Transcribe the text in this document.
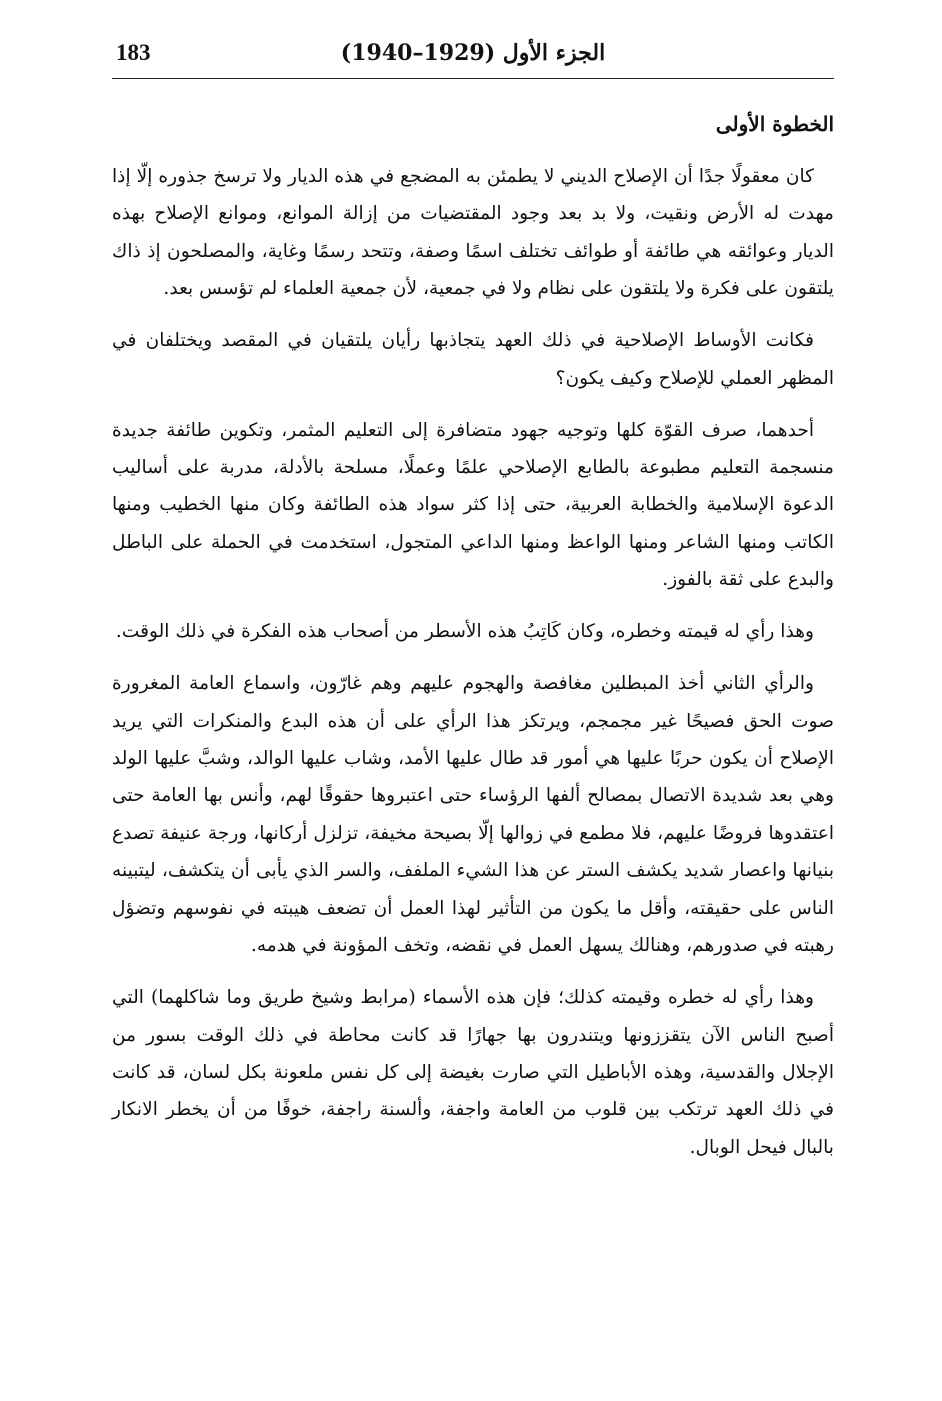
183	الجزء الأول (1929–1940)
الخطوة الأولى

كان معقولًا جدًا أن الإصلاح الديني لا يطمئن به المضجع في هذه الديار ولا ترسخ جذوره إلّا إذا مهدت له الأرض ونقيت، ولا بد بعد وجود المقتضيات من إزالة الموانع، وموانع الإصلاح بهذه الديار وعوائقه هي طائفة أو طوائف تختلف اسمًا وصفة، وتتحد رسمًا وغاية، والمصلحون إذ ذاك يلتقون على فكرة ولا يلتقون على نظام ولا في جمعية، لأن جمعية العلماء لم تؤسس بعد.

فكانت الأوساط الإصلاحية في ذلك العهد يتجاذبها رأيان يلتقيان في المقصد ويختلفان في المظهر العملي للإصلاح وكيف يكون؟

أحدهما، صرف القوّة كلها وتوجيه جهود متضافرة إلى التعليم المثمر، وتكوين طائفة جديدة منسجمة التعليم مطبوعة بالطابع الإصلاحي علمًا وعملًا، مسلحة بالأدلة، مدربة على أساليب الدعوة الإسلامية والخطابة العربية، حتى إذا كثر سواد هذه الطائفة وكان منها الخطيب ومنها الكاتب ومنها الشاعر ومنها الواعظ ومنها الداعي المتجول، استخدمت في الحملة على الباطل والبدع على ثقة بالفوز.

وهذا رأي له قيمته وخطره، وكان كَاتِبُ هذه الأسطر من أصحاب هذه الفكرة في ذلك الوقت.

والرأي الثاني أخذ المبطلين مغافصة والهجوم عليهم وهم غارّون، واسماع العامة المغرورة صوت الحق فصيحًا غير مجمجم، ويرتكز هذا الرأي على أن هذه البدع والمنكرات التي يريد الإصلاح أن يكون حربًا عليها هي أمور قد طال عليها الأمد، وشاب عليها الوالد، وشبَّ عليها الولد وهي بعد شديدة الاتصال بمصالح ألفها الرؤساء حتى اعتبروها حقوقًا لهم، وأنس بها العامة حتى اعتقدوها فروضًا عليهم، فلا مطمع في زوالها إلّا بصيحة مخيفة، تزلزل أركانها، ورجة عنيفة تصدع بنيانها واعصار شديد يكشف الستر عن هذا الشيء الملفف، والسر الذي يأبى أن يتكشف، ليتبينه الناس على حقيقته، وأقل ما يكون من التأثير لهذا العمل أن تضعف هيبته في نفوسهم وتضؤل رهبته في صدورهم، وهنالك يسهل العمل في نقضه، وتخف المؤونة في هدمه.

وهذا رأي له خطره وقيمته كذلك؛ فإن هذه الأسماء (مرابط وشيخ طريق وما شاكلهما) التي أصبح الناس الآن يتقززونها ويتندرون بها جهارًا قد كانت محاطة في ذلك الوقت بسور من الإجلال والقدسية، وهذه الأباطيل التي صارت بغيضة إلى كل نفس ملعونة بكل لسان، قد كانت في ذلك العهد ترتكب بين قلوب من العامة واجفة، وألسنة راجفة، خوفًا من أن يخطر الانكار بالبال فيحل الوبال.
